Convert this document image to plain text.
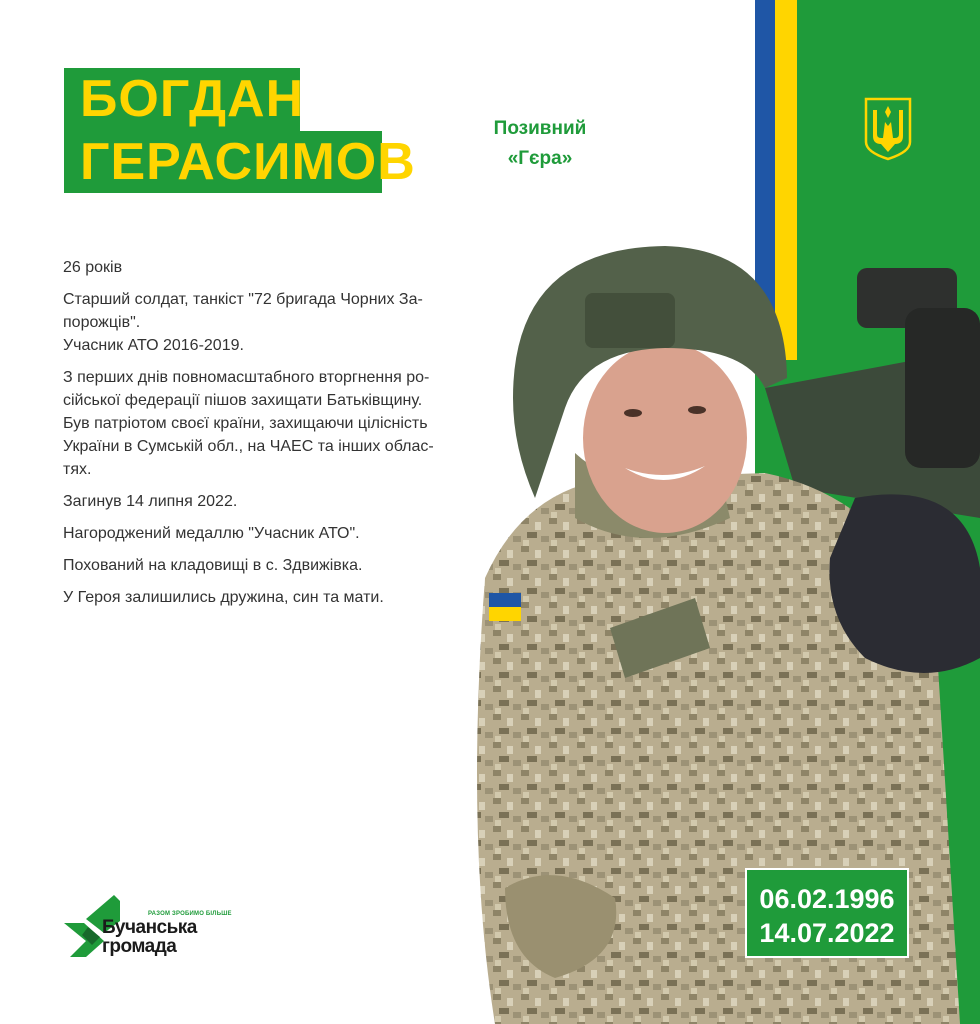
БОГДАН
ГЕРАСИМОВ
Позивний
«Гєра»

26 років

Старший солдат, танкіст "72 бригада Чорних За-
порожців".
Учасник АТО 2016-2019.

З перших днів повномасштабного вторгнення ро-
сійської федерації пішов захищати Батьківщину.
Був патріотом своєї країни, захищаючи цілісність
України в Сумській обл., на ЧАЕС та інших облас-
тях.

Загинув 14 липня 2022.

Нагороджений медаллю "Учасник АТО".

Похований на кладовищі в с. Здвижівка.

У Героя залишились дружина, син та мати.

06.02.1996
14.07.2022
РАЗОМ ЗРОБИМО БІЛЬШЕ
Бучанська
громада
